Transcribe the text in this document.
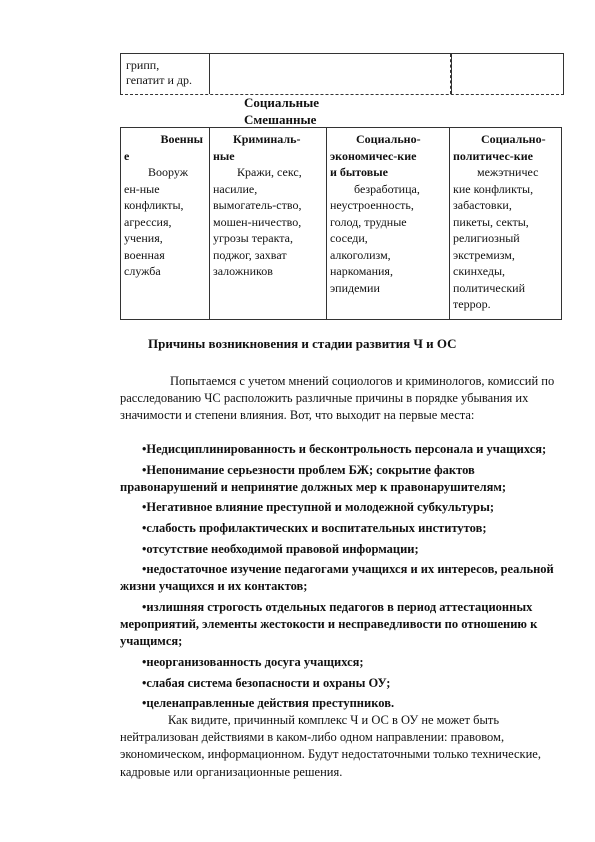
грипп,
гепатит и др.
Социальные
Смешанные
Военны
е
Вооруж
ен-ные
конфликты,
агрессия,
учения,
военная
служба
Криминаль-
ные
Кражи, секс,
насилие,
вымогатель-ство,
мошен-ничество,
угрозы теракта,
поджог, захват
заложников
Социально-
экономичес-кие
и бытовые
безработица,
неустроенность,
голод, трудные
соседи,
алкоголизм,
наркомания,
эпидемии
Социально-
политичес-кие
межэтничес
кие конфликты,
забастовки,
пикеты, секты,
религиозный
экстремизм,
скинхеды,
политический
террор.
Причины возникновения и стадии развития Ч и ОС
Попытаемся с учетом мнений социологов и криминологов, комиссий по расследованию ЧС расположить различные причины в порядке убывания их значимости и степени влияния. Вот, что выходит на первые места:
•Недисциплинированность и бесконтрольность персонала и учащихся;
•Непонимание серьезности проблем БЖ; сокрытие фактов правонарушений и непринятие должных мер к правонарушителям;
•Негативное влияние преступной и молодежной субкультуры;
•слабость профилактических и воспитательных институтов;
•отсутствие необходимой правовой информации;
•недостаточное изучение педагогами учащихся и их интересов, реальной жизни учащихся и их контактов;
•излишняя строгость отдельных педагогов в период аттестационных мероприятий, элементы жестокости и несправедливости по отношению к учащимся;
•неорганизованность досуга учащихся;
•слабая система безопасности и охраны ОУ;
•целенаправленные действия преступников.
Как видите, причинный комплекс Ч и ОС в ОУ не может быть нейтрализован действиями в каком-либо одном направлении: правовом, экономическом, информационном. Будут недостаточными только технические, кадровые или организационные решения.
